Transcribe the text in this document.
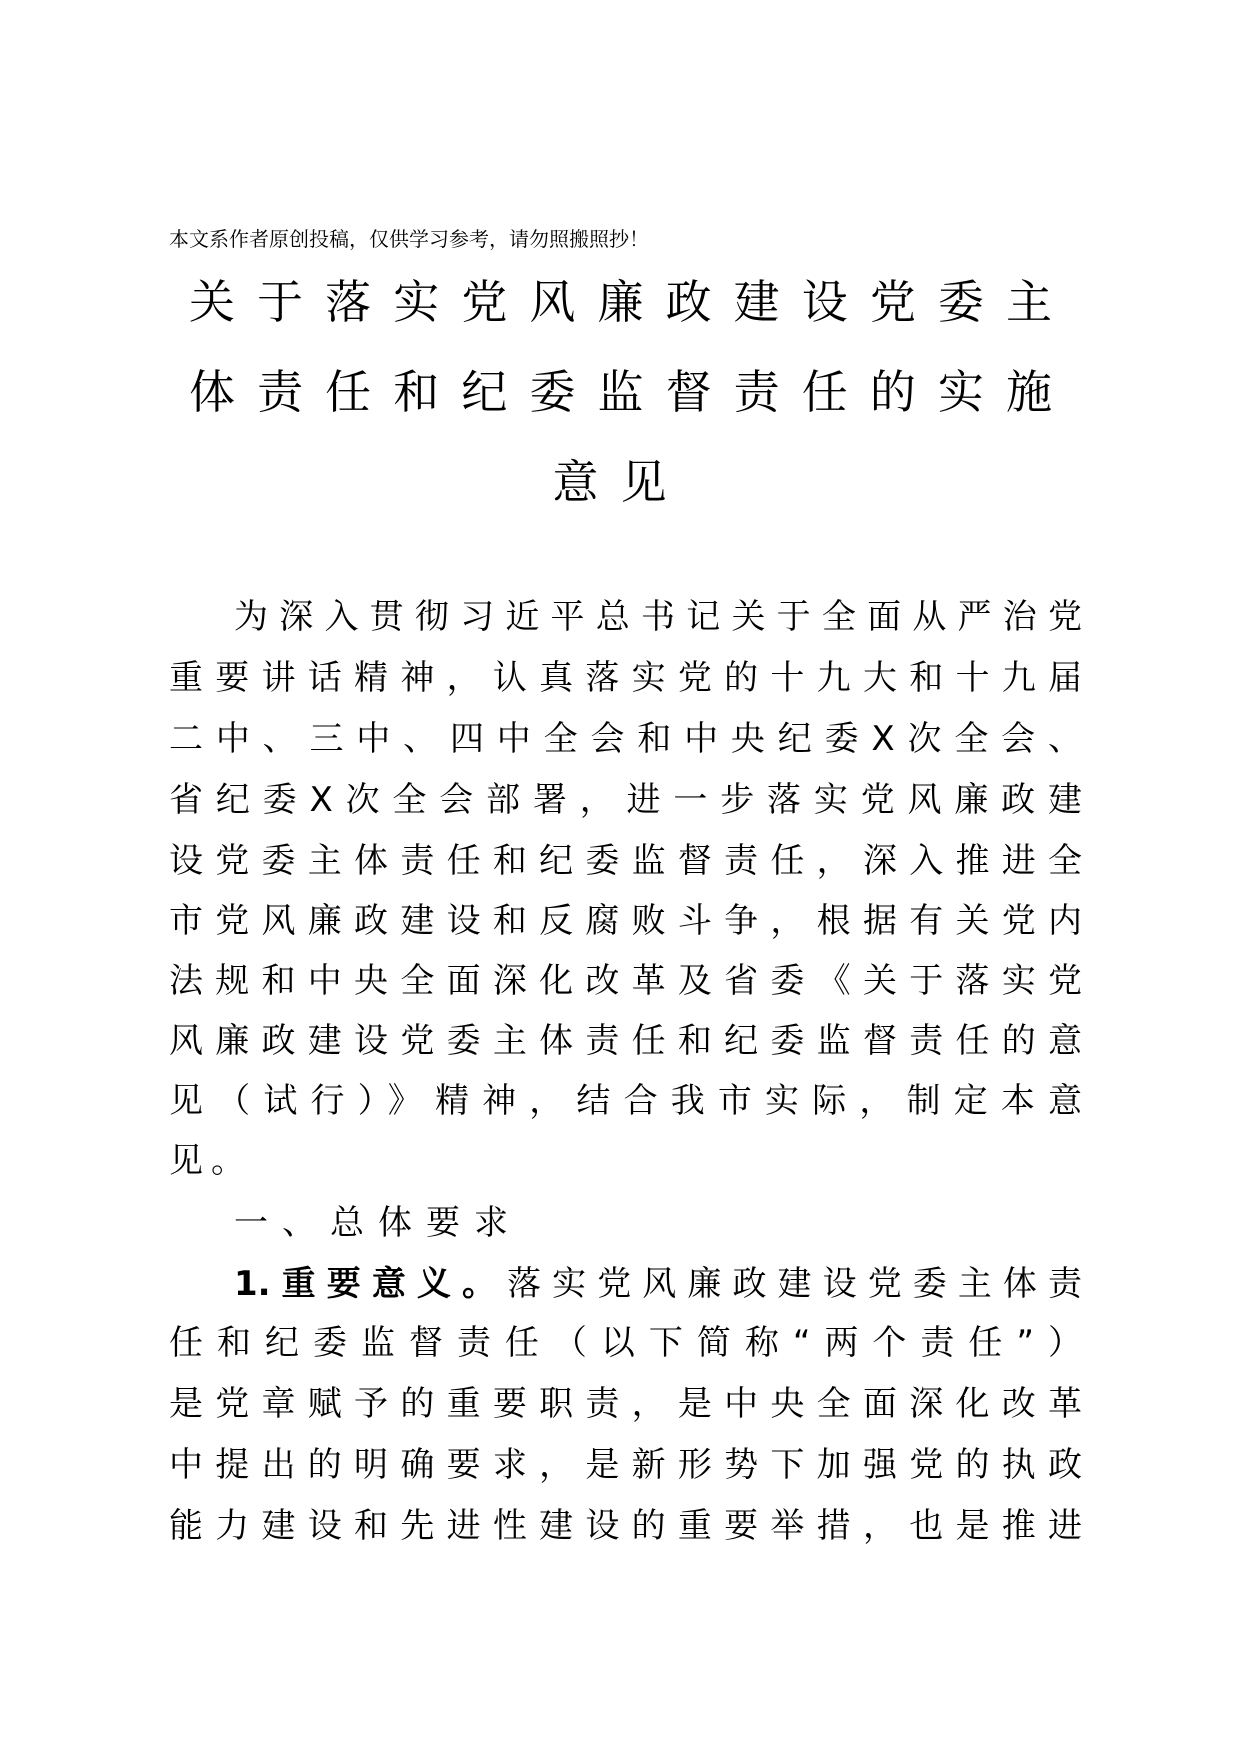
本文系作者原创投稿，仅供学习参考，请勿照搬照抄！
关于落实党风廉政建设党委主
体责任和纪委监督责任的实施
意见
为深入贯彻习近平总书记关于全面从严治党
重要讲话精神，认真落实党的十九大和十九届
二中、三中、四中全会和中央纪委X次全会、
省纪委X次全会部署，进一步落实党风廉政建
设党委主体责任和纪委监督责任，深入推进全
市党风廉政建设和反腐败斗争，根据有关党内
法规和中央全面深化改革及省委《关于落实党
风廉政建设党委主体责任和纪委监督责任的意
见（试行）》精神，结合我市实际，制定本意
见。
一、总体要求
1.重要意义。落实党风廉政建设党委主体责
任和纪委监督责任（以下简称“两个责任”）
是党章赋予的重要职责，是中央全面深化改革
中提出的明确要求，是新形势下加强党的执政
能力建设和先进性建设的重要举措，也是推进
